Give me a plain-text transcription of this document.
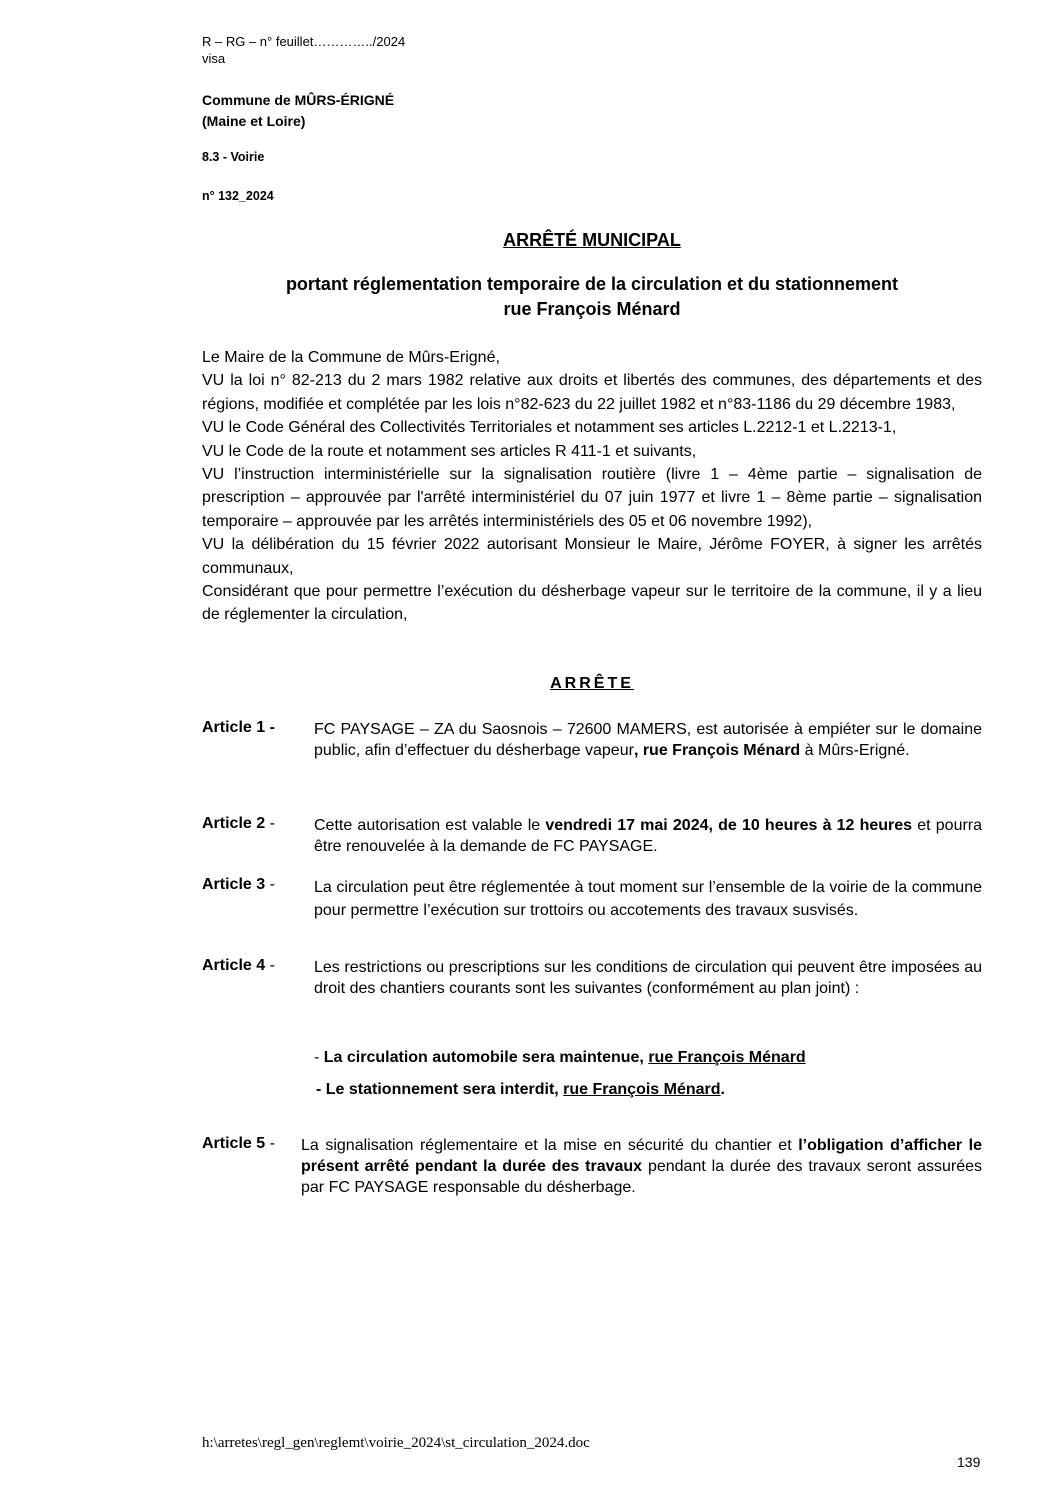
R – RG – n° feuillet…………../2024
visa
Commune de MÛRS-ÉRIGNÉ
(Maine et Loire)
8.3 - Voirie
n° 132_2024
ARRÊTÉ MUNICIPAL
portant réglementation temporaire de la circulation et du stationnement
rue François Ménard

Le Maire de la Commune de Mûrs-Erigné,

VU la loi n° 82-213 du 2 mars 1982 relative aux droits et libertés des communes, des départements et des régions, modifiée et complétée par les lois n°82-623 du 22 juillet 1982 et n°83-1186 du 29 décembre 1983,

VU le Code Général des Collectivités Territoriales et notamment ses articles L.2212-1 et L.2213-1,

VU le Code de la route et notamment ses articles R 411-1 et suivants,

VU l’instruction interministérielle sur la signalisation routière (livre 1 – 4ème partie – signalisation de prescription – approuvée par l'arrêté interministériel du 07 juin 1977 et livre 1 – 8ème partie – signalisation temporaire – approuvée par les arrêtés interministériels des 05 et 06 novembre 1992),

VU la délibération du 15 février 2022 autorisant Monsieur le Maire, Jérôme FOYER, à signer les arrêtés communaux,

Considérant que pour permettre l’exécution du désherbage vapeur sur le territoire de la commune, il y a lieu de réglementer la circulation,

ARRÊTE
Article 1 - FC PAYSAGE – ZA du Saosnois – 72600 MAMERS, est autorisée à empiéter sur le domaine public, afin d’effectuer du désherbage vapeur, rue François Ménard à Mûrs-Erigné.
Article 2 - Cette autorisation est valable le vendredi 17 mai 2024, de 10 heures à 12 heures et pourra être renouvelée à la demande de FC PAYSAGE.
Article 3 - La circulation peut être réglementée à tout moment sur l’ensemble de la voirie de la commune pour permettre l’exécution sur trottoirs ou accotements des travaux susvisés.
Article 4 - Les restrictions ou prescriptions sur les conditions de circulation qui peuvent être imposées au droit des chantiers courants sont les suivantes (conformément au plan joint) :
- La circulation automobile sera maintenue, rue François Ménard
- Le stationnement sera interdit, rue François Ménard.
Article 5 - La signalisation réglementaire et la mise en sécurité du chantier et l’obligation d’afficher le présent arrêté pendant la durée des travaux pendant la durée des travaux seront assurées par FC PAYSAGE responsable du désherbage.
h:\arretes\regl_gen\reglemt\voirie_2024\st_circulation_2024.doc
139
